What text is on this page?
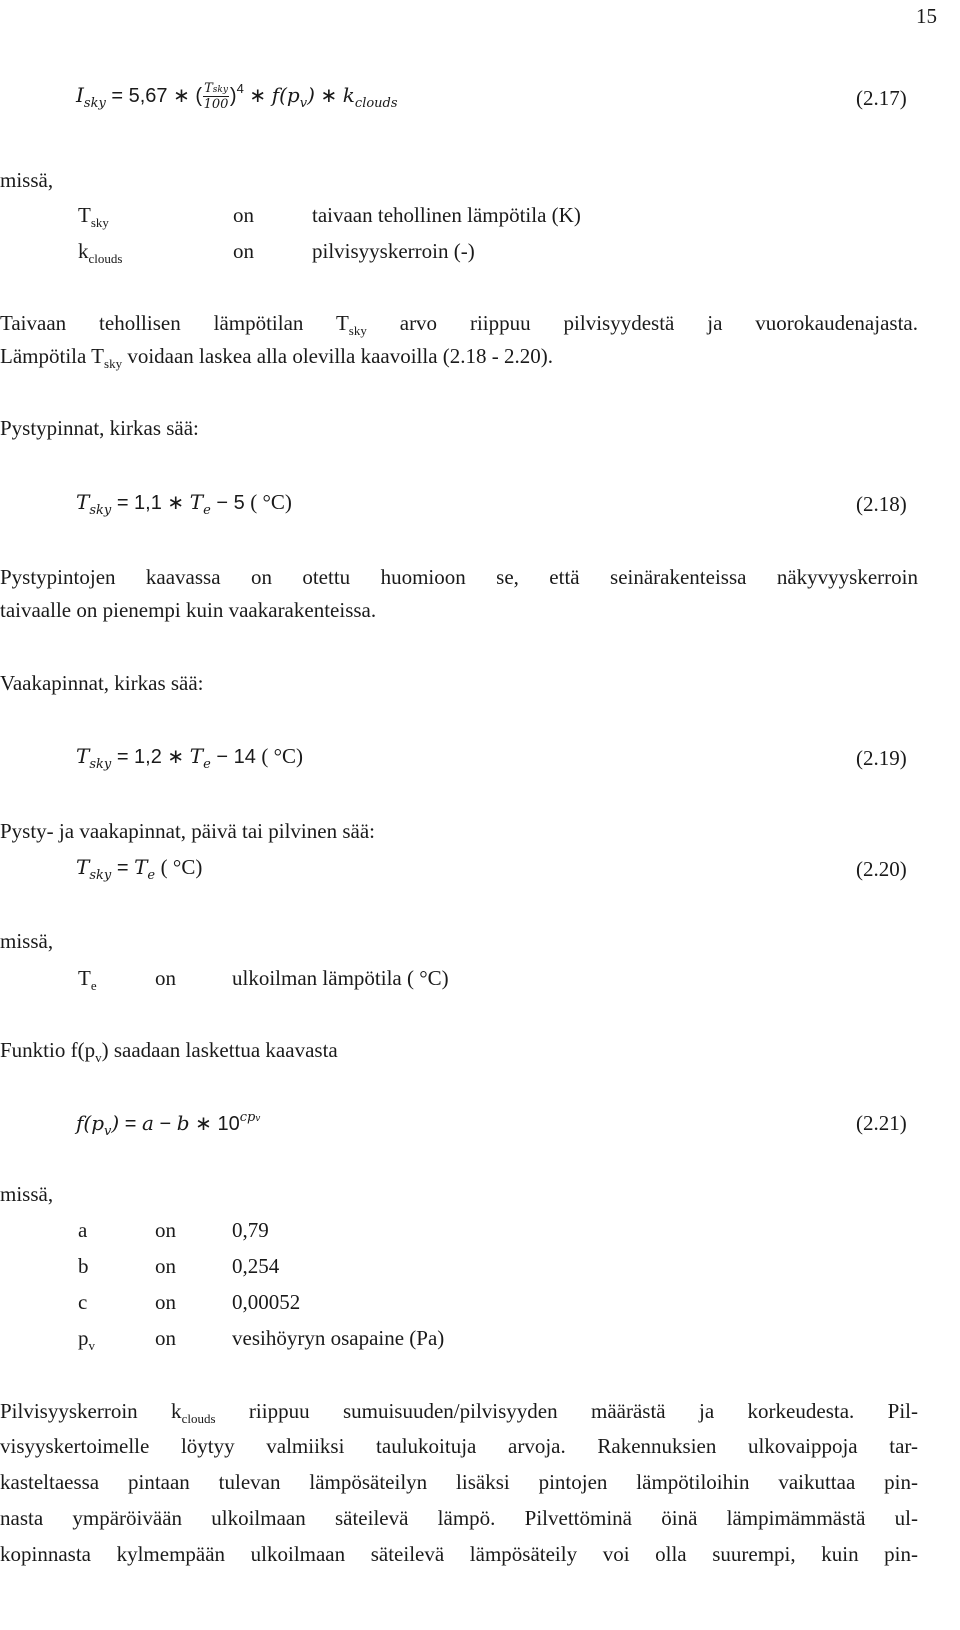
15
$I_{sky} = 5,67$ ∗ ( $\frac{\text{Tsky}}{100} )^4$ ∗ $f(p_v)$ ∗ $k_{clouds}$	(2.17)
missä,
$T_{sky}$	on	taivaan tehollinen lämpötila (K)
$k_{clouds}$	on	pilvisyyskerroin (-)
Taivaan tehollisen lämpötilan $T_{sky}$ arvo riippuu pilvisyydestä ja vuorokaudenajasta.
Lämpötila $T_{sky}$ voidaan laskea alla olevilla kaavoilla (2.18 - 2.20).
Pystypinnat, kirkas sää:
$T_{sky} = 1,1$ ∗ $T_e - 5$ ( °C)	(2.18)
Pystypintojen kaavassa on otettu huomioon se, että seinärakenteissa näkyvyyskerroin
taivaalle on pienempi kuin vaakarakenteissa.
Vaakapinnat, kirkas sää:
$T_{sky} = 1,2$ ∗ $T_e - 14$ ( °C)	(2.19)
Pysty- ja vaakapinnat, päivä tai pilvinen sää:
$T_{sky} = T_e$ ( °C)	(2.20)
missä,
$T_e$	on	ulkoilman lämpötila ( °C)
Funktio $f(p_v)$ saadaan laskettua kaavasta
$f(p_v) = a - b$ ∗ $10^{cpv}$	(2.21)
missä,
a	on	0,79
b	on	0,254
c	on	0,00052
$p_v$	on	vesihöyryn osapaine (Pa)
Pilvisyyskerroin $k_{clouds}$ riippuu sumuisuuden/pilvisyyden määrästä ja korkeudesta. Pil-
visyyskertoimelle löytyy valmiiksi taulukoituja arvoja. Rakennuksien ulkovaippoja tar-
kasteltaessa pintaan tulevan lämpösäteilyn lisäksi pintojen lämpötiloihin vaikuttaa pin-
nasta ympäröivään ulkoilmaan säteilevä lämpö. Pilvettöminä öinä lämpimämmästä ul-
kopinnasta kylmempään ulkoilmaan säteilevä lämpösäteily voi olla suurempi, kuin pin-
